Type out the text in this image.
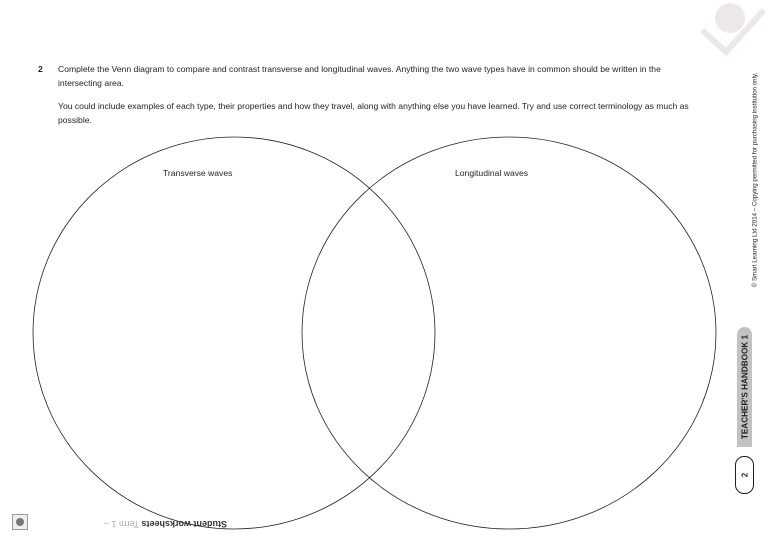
2 Complete the Venn diagram to compare and contrast transverse and longitudinal waves. Anything the two wave types have in common should be written in the intersecting area.

You could include examples of each type, their properties and how they travel, along with anything else you have learned. Try and use correct terminology as much as possible.

Transverse waves	Longitudinal waves	© Smart Learning Ltd 2014 – Copying permitted for purchasing institution only.
TEACHER'S HANDBOOK 1
2
Student worksheets Term 1 –
